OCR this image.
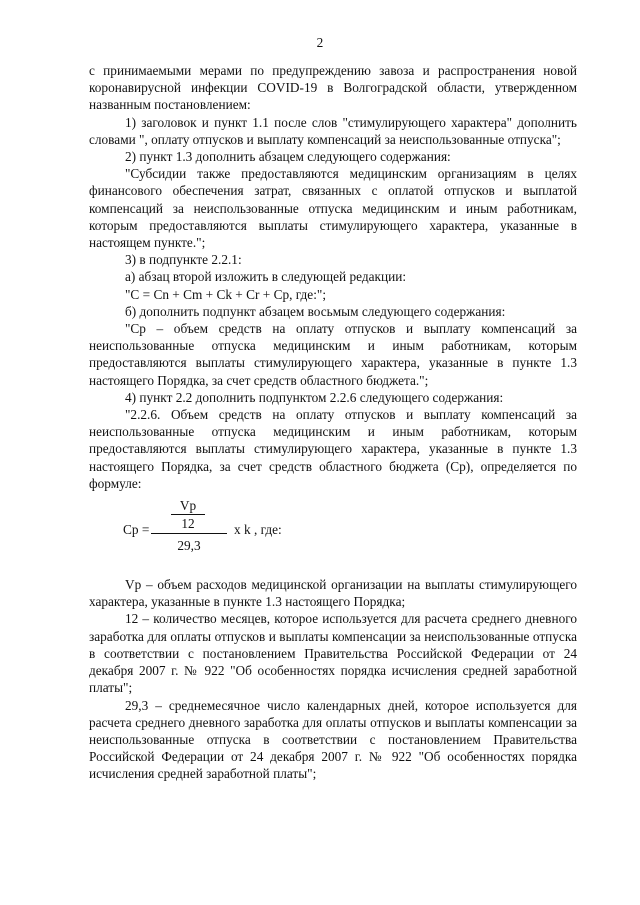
2

с принимаемыми мерами по предупреждению завоза и распространения новой коронавирусной инфекции COVID-19 в Волгоградской области, утвержденном названным постановлением:

1) заголовок и пункт 1.1 после слов "стимулирующего характера" дополнить словами ", оплату отпусков и выплату компенсаций за неиспользованные отпуска";

2) пункт 1.3 дополнить абзацем следующего содержания:

"Субсидии также предоставляются медицинским организациям в целях финансового обеспечения затрат, связанных с оплатой отпусков и выплатой компенсаций за неиспользованные отпуска медицинским и иным работникам, которым предоставляются выплаты стимулирующего характера, указанные в настоящем пункте.";

3) в подпункте 2.2.1:

а) абзац второй изложить в следующей редакции:

"C = Cn + Cm + Ck + Cr + Cp, где:";

б) дополнить подпункт абзацем восьмым следующего содержания:

"Cp – объем средств на оплату отпусков и выплату компенсаций за неиспользованные отпуска медицинским и иным работникам, которым предоставляются выплаты стимулирующего характера, указанные в пункте 1.3 настоящего Порядка, за счет средств областного бюджета.";

4) пункт 2.2 дополнить подпунктом 2.2.6 следующего содержания:

"2.2.6. Объем средств на оплату отпусков и выплату компенсаций за неиспользованные отпуска медицинским и иным работникам, которым предоставляются выплаты стимулирующего характера, указанные в пункте 1.3 настоящего Порядка, за счет средств областного бюджета (Cp), определяется по формуле:

Cp =
Vp
12
29,3
x k , где:

Vp – объем расходов медицинской организации на выплаты стимулирующего характера, указанные в пункте 1.3 настоящего Порядка;

12 – количество месяцев, которое используется для расчета среднего дневного заработка для оплаты отпусков и выплаты компенсации за неиспользованные отпуска в соответствии с постановлением Правительства Российской Федерации от 24 декабря 2007 г. № 922 "Об особенностях порядка исчисления средней заработной платы";

29,3 – среднемесячное число календарных дней, которое используется для расчета среднего дневного заработка для оплаты отпусков и выплаты компенсации за неиспользованные отпуска в соответствии с постановлением Правительства Российской Федерации от 24 декабря 2007 г. № 922 "Об особенностях порядка исчисления средней заработной платы";
